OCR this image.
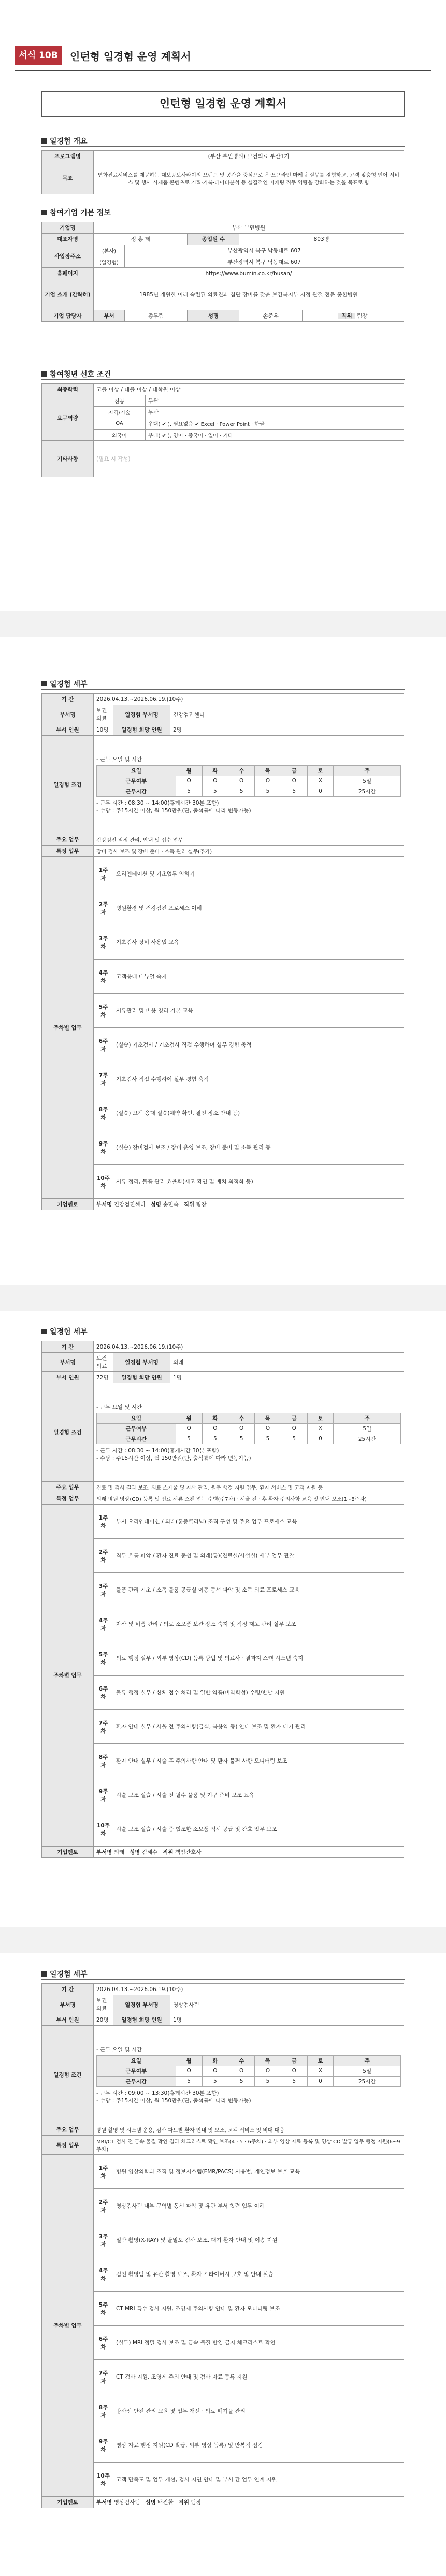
서식 10B	인턴형 일경험 운영 계획서
인턴형 일경험 운영 계획서
일경험 개요
프로그램명	(부산 부민병원) 보건의료 부산1기
목표	연화진료서비스를 제공하는 대보공보사라이의 브랜드 및 공간을 중심으로 운·오프라인 마케팅 실무를 경험하고, 고객 맞춤형 언어 서비스 및 행사 시제품 콘텐츠로 기획·기록·데이터분석 등 실질적인 마케팅 직무 역량을 강화하는 것을 목표로 함
참여기업 기본 정보
기업명	부산 부민병원				
대표자명	정 홍 태		종업원 수	803명	
사업장주소	(본사)	부산광역시 북구 낙동대로 607			
	(일경험)	부산광역시 북구 낙동대로 607			
홈페이지	https://www.bumin.co.kr/busan/				
기업 소개 (간략히)	1985년 개원한 이래 숙련된 의료진과 첨단 장비를 갖춘 보건복지부 지정 관절 전문 종합병원				
기업 담당자	부서	총무팀	성명	손준우	직위 팀장
참여청년 선호 조건
최종학력	고졸 이상 / 대졸 이상 / 대학원 이상	
요구역량	전공	무관
	자격/기술	무관
	OA	우대( ✔ ), 필요없음 ✔ Excel · Power Point · 한글
	외국어	우대( ✔ ), 영어 · 중국어 · 일어 · 기타
기타사항	(필요 시 작성)	
일경험 세부
기 간	2026.04.13.~2026.06.19.(10주)
부서명	보건의료	일경험 부서명	건강검진센터
부서 인원	10명	일경험 희망 인원	2명
일경험 조건	
- 근무 요일 및 시간
요일	월	화	수	목	금	토	주
근무여부	O	O	O	O	O	X	5일
근무시간	5	5	5	5	5	0	25시간
- 근무 시간 : 08:30 ~ 14:00(휴게시간 30분 포함)
- 수당 : 주15시간 이상, 월 150만원(단, 출석률에 따라 변동가능)

주요 업무	건강검진 일정 관리, 안내 및 접수 업무
특정 업무	장비 검사 보조 및 장비 준비 · 소독 관리 실무(추가)
주차별 업무	1주차	오리엔테이션 및 기초업무 익히기
2주차	병원환경 및 건강검진 프로세스 이해
3주차	기초검사 장비 사용법 교육
4주차	고객응대 매뉴얼 숙지
5주차	서류관리 및 비용 청리 기본 교육
6주차	(실습) 기초검사 / 기초검사 직접 수행하여 실무 경험 축적
7주차	기초검사 직접 수행하여 실무 경험 축적
8주차	(실습) 고객 응대 실습(예약 확인, 결진 장소 안내 등)
9주차	(실습) 장비검사 보조 / 장비 운영 보조, 장비 준비 및 소독 관리 등
10주차	서류 정리, 물품 관리 효율화(재고 확인 및 배치 최적화 등)
기업멘토	부서명 건강검진센터 성명 송민숙 직위 팀장
일경험 세부
기 간	2026.04.13.~2026.06.19.(10주)
부서명	보건의료	일경험 부서명	외래
부서 인원	72명	일경험 희망 인원	1명
일경험 조건	
- 근무 요일 및 시간
요일	월	화	수	목	금	토	주
근무여부	O	O	O	O	O	X	5일
근무시간	5	5	5	5	5	0	25시간
- 근무 시간 : 08:30 ~ 14:00(휴게시간 30분 포함)
- 수당 : 주15시간 이상, 월 150만원(단, 출석률에 따라 변동가능)

주요 업무	진료 및 검사 결과 보조, 의료 스케줄 및 자산 관리, 원무 행정 지원 업무, 환자 서비스 및 고객 지원 등
특정 업무	외래 병원 영상(CD) 등록 및 진료 서류 스캔 업무 수행(주7차) · 서울 전 · 후 환자 주의사항 교육 및 안내 보조(1~8주차)
주차별 업무	1주차	부서 오리엔테이션 / 외래(통증클리닉) 조직 구성 및 주요 업무 프로세스 교육
2주차	직무 흐름 파악 / 환자 진료 동선 및 외래(통)(진료실/사설실) 세부 업무 관찰
3주차	물품 관리 기초 / 소독 물품 공급실 이동 동선 파악 및 소독 의료 프로세스 교육
4주차	자산 및 비품 관리 / 의료 소모품 보관 장소 숙지 및 적정 재고 관리 실무 보조
5주차	의료 행정 실무 / 외부 영상(CD) 등록 방법 및 의료사 · 결과지 스캔 시스템 숙지
6주차	물류 행정 실무 / 신체 접수 처리 및 일반 약품(비약학성) 수령/반납 지원
7주차	환자 안내 실무 / 서울 전 주의사항(금식, 복용약 등) 안내 보조 및 환자 대기 관리
8주차	환자 안내 실무 / 시술 후 주의사항 안내 및 환자 불편 사항 모니터링 보조
9주차	시술 보조 실습 / 시술 전 필수 물품 및 기구 준비 보조 교육
10주차	시술 보조 실습 / 시술 중 협조한 소모품 적시 공급 및 간호 업무 보조
기업멘토	부서명 외래 성명 김해수 직위 책임간호사
일경험 세부
기 간	2026.04.13.~2026.06.19.(10주)
부서명	보건의료	일경험 부서명	영상검사팀
부서 인원	20명	일경험 희망 인원	1명
일경험 조건	
- 근무 요일 및 시간
요일	월	화	수	목	금	토	주
근무여부	O	O	O	O	O	X	5일
근무시간	5	5	5	5	5	0	25시간
- 근무 시간 : 09:00 ~ 13:30(휴게시간 30분 포함)
- 수당 : 주15시간 이상, 월 150만원(단, 출석률에 따라 변동가능)

주요 업무	병원 촬영 및 시스템 운용, 검사 파트별 환자 안내 및 보조, 고객 서비스 및 비대 대응
특정 업무	MRI/CT 검사 전 금속 물질 확인 결과 체크리스트 확인 보조(4 · 5 · 6주차) · 외부 영상 자료 등록 및 영상 CD 발급 업무 행정 지원(6~9주차)
주차별 업무	1주차	병원 영상의학과 조직 및 정보시스템(EMR/PACS) 사용법, 개인정보 보호 교육
2주차	영상검사팀 내부 구역별 동선 파악 및 유관 부서 협력 업무 이해
3주차	일반 촬영(X-RAY) 및 골밀도 검사 보조, 대기 환자 안내 및 이송 지원
4주차	검진 촬영팀 및 유관 촬영 보조, 환자 프라이버시 보호 및 안내 실습
5주차	CT MRI 특수 검사 지원, 조영제 주의사항 안내 및 환자 모니터링 보조
6주차	(실무) MRI 정밀 검사 보조 및 금속 물질 반입 금지 체크리스트 확인
7주차	CT 검사 지원, 조영제 주의 안내 및 검사 자료 등록 지원
8주차	방사선 안전 관리 교육 및 업무 개선 · 의료 폐기물 관리
9주차	영상 자료 행정 지원(CD 발급, 외부 영상 등록) 및 반복적 점검
10주차	고객 만족도 및 업무 개선, 검사 지연 안내 및 부서 간 업무 연계 지원
기업멘토	부서명 영상검사팀 성명 배진환 직위 팀장
